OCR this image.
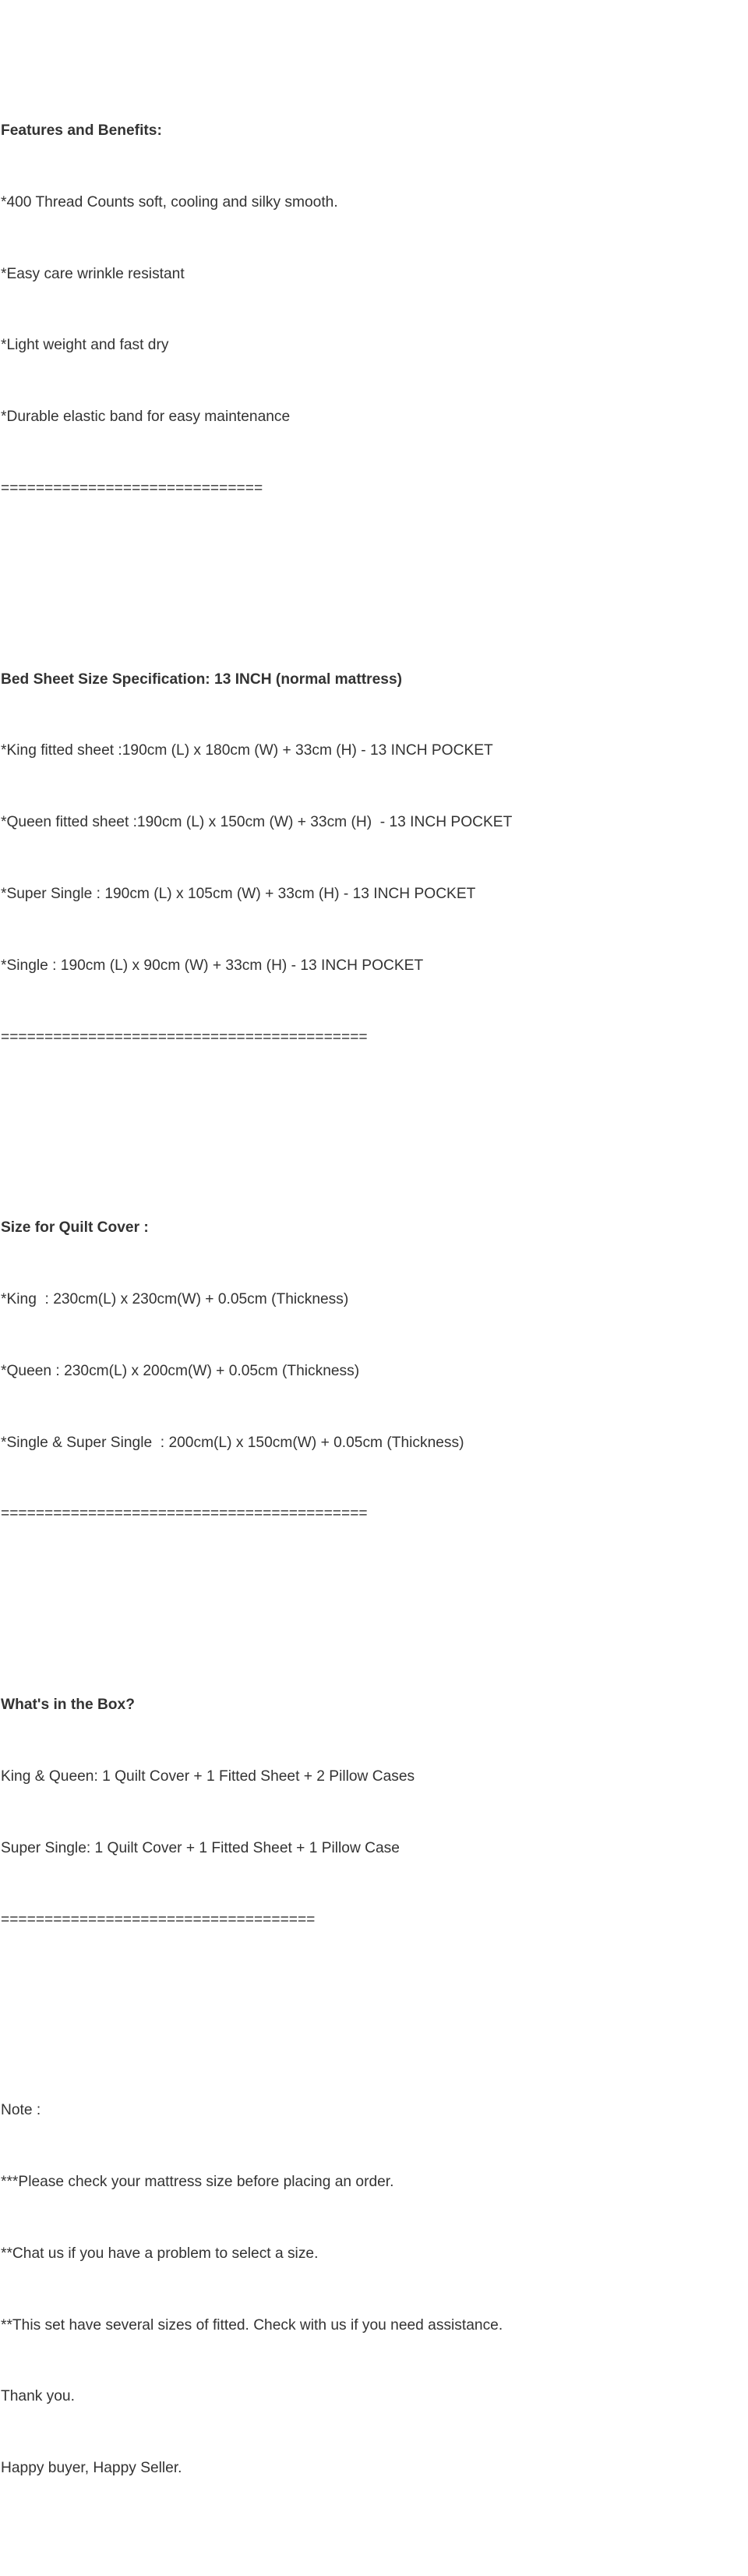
Features and Benefits:

*400 Thread Counts soft, cooling and silky smooth.

*Easy care wrinkle resistant

*Light weight and fast dry

*Durable elastic band for easy maintenance

==============================

Bed Sheet Size Specification: 13 INCH (normal mattress)

*King fitted sheet :190cm (L) x 180cm (W) + 33cm (H) - 13 INCH POCKET

*Queen fitted sheet :190cm (L) x 150cm (W) + 33cm (H)  - 13 INCH POCKET

*Super Single : 190cm (L) x 105cm (W) + 33cm (H) - 13 INCH POCKET

*Single : 190cm (L) x 90cm (W) + 33cm (H) - 13 INCH POCKET

==========================================

Size for Quilt Cover :

*King  : 230cm(L) x 230cm(W) + 0.05cm (Thickness)

*Queen : 230cm(L) x 200cm(W) + 0.05cm (Thickness)

*Single & Super Single  : 200cm(L) x 150cm(W) + 0.05cm (Thickness)

==========================================

What's in the Box?

King & Queen: 1 Quilt Cover + 1 Fitted Sheet + 2 Pillow Cases

Super Single: 1 Quilt Cover + 1 Fitted Sheet + 1 Pillow Case

====================================

Note :

***Please check your mattress size before placing an order.

**Chat us if you have a problem to select a size.

**This set have several sizes of fitted. Check with us if you need assistance.

Thank you.

Happy buyer, Happy Seller.
